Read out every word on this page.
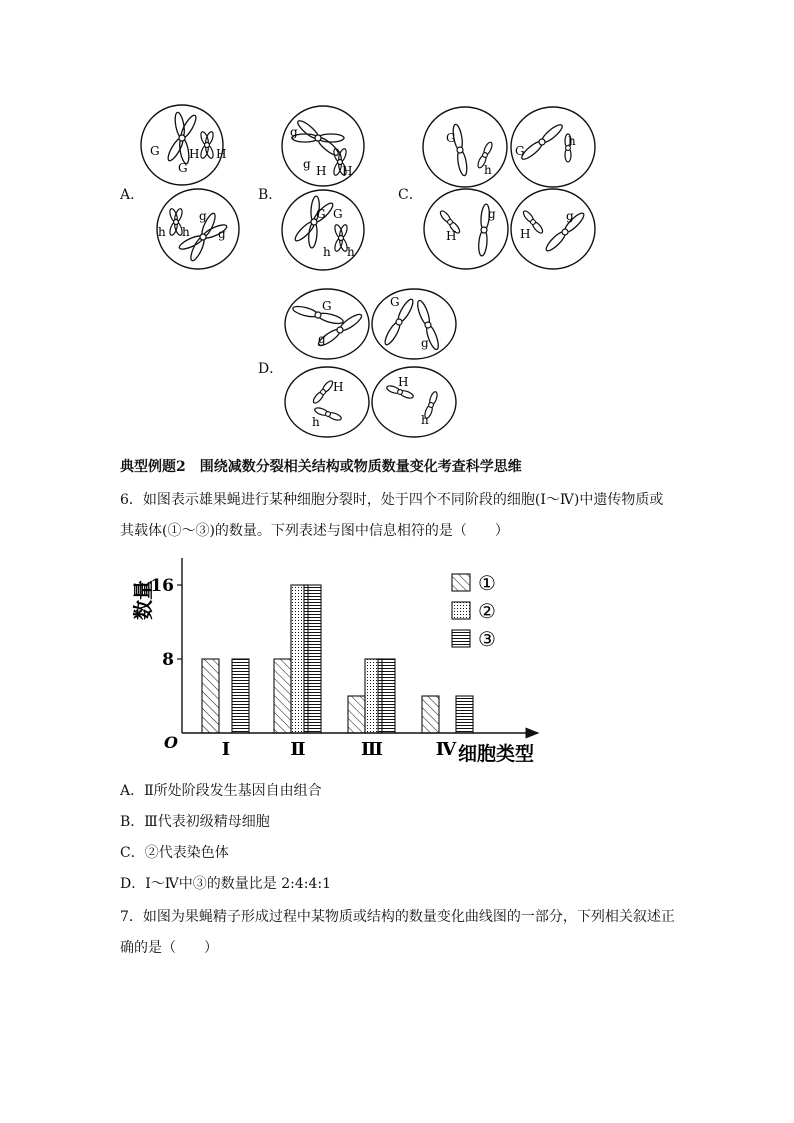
A．	B．	C．
D．
G
G
H H
h h
g
g
g
g H H
G G
h h
G
h
G
h
H
g
H
g
G
g
G
g
H
h
H
h
典型例题2　围绕减数分裂相关结构或物质数量变化考查科学思维
6．如图表示雄果蝇进行某种细胞分裂时，处于四个不同阶段的细胞(Ⅰ～Ⅳ)中遗传物质或
其载体(①～③)的数量。下列表述与图中信息相符的是（　　）
数量
8
16
O Ⅰ	Ⅱ	Ⅲ	Ⅳ 细胞类型
①
②
③
A．Ⅱ所处阶段发生基因自由组合
B．Ⅲ代表初级精母细胞
C．②代表染色体
D．Ⅰ～Ⅳ中③的数量比是 2:4:4:1
7．如图为果蝇精子形成过程中某物质或结构的数量变化曲线图的一部分，下列相关叙述正
确的是（　　）
